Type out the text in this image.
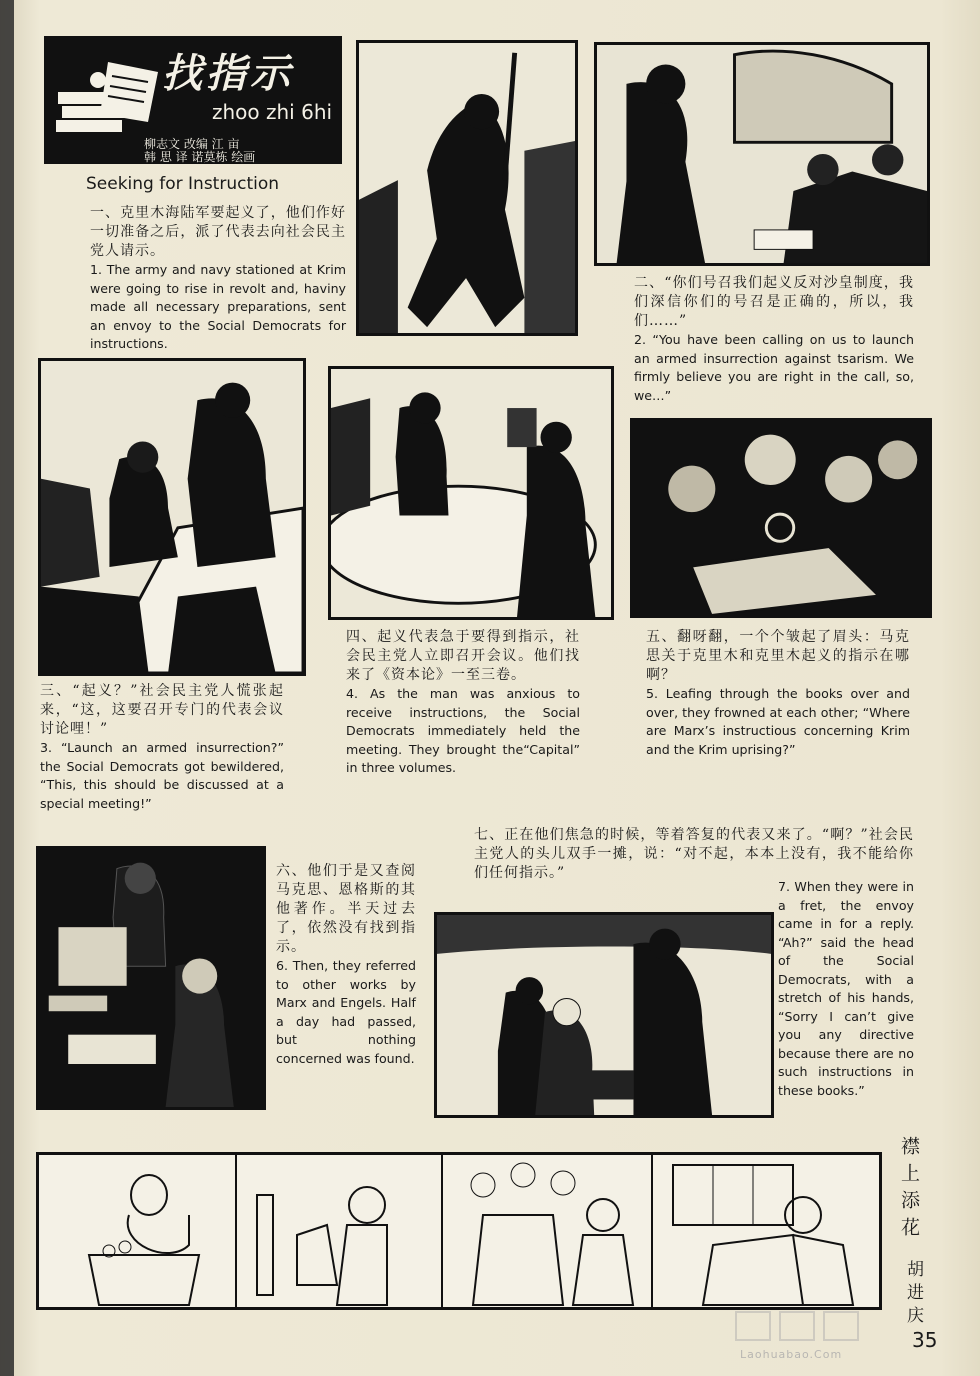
找指示
zhoo zhi 6hi
柳志文 改编 江 亩
韩 思 译 诺莫栋 绘画
Seeking for Instruction
一、克里木海陆军要起义了，他们作好一切准备之后，派了代表去向社会民主党人请示。
1. The army and navy stationed at Krim were going to rise in revolt and, haviny made all necessary preparations, sent an envoy to the Social Democrats for instructions.
二、“你们号召我们起义反对沙皇制度，我们深信你们的号召是正确的，所以，我们……”
2. “You have been calling on us to launch an armed insurrection against tsarism. We firmly believe you are right in the call, so, we…”
三、“起义？”社会民主党人慌张起来，“这，这要召开专门的代表会议讨论哩！”
3. “Launch an armed insurrection?” the Social Democrats got bewildered, “This, this should be discussed at a special meeting!”
四、起义代表急于要得到指示，社会民主党人立即召开会议。他们找来了《资本论》一至三卷。
4. As the man was anxious to receive instructions, the Social Democrats immediately held the meeting. They brought the“Capital” in three volumes.
五、翻呀翻，一个个皱起了眉头：马克思关于克里木和克里木起义的指示在哪啊？
5. Leafing through the books over and over, they frowned at each other; “Where are Marx’s instructious concerning Krim and the Krim uprising?”
七、正在他们焦急的时候，等着答复的代表又来了。“啊？”社会民主党人的头儿双手一摊，说：“对不起，本本上没有，我不能给你们任何指示。”
六、他们于是又查阅马克思、恩格斯的其他著作。半天过去了，依然没有找到指示。
6. Then, they referred to other works by Marx and Engels. Half a day had passed, but nothing concerned was found.
7. When they were in a fret, the envoy came in for a reply. “Ah?” said the head of the Social Democrats, with a stretch of his hands, “Sorry I can’t give you any directive because there are no such instructions in these books.”
襟上添花
胡进庆
Laohuabao.Com
35
